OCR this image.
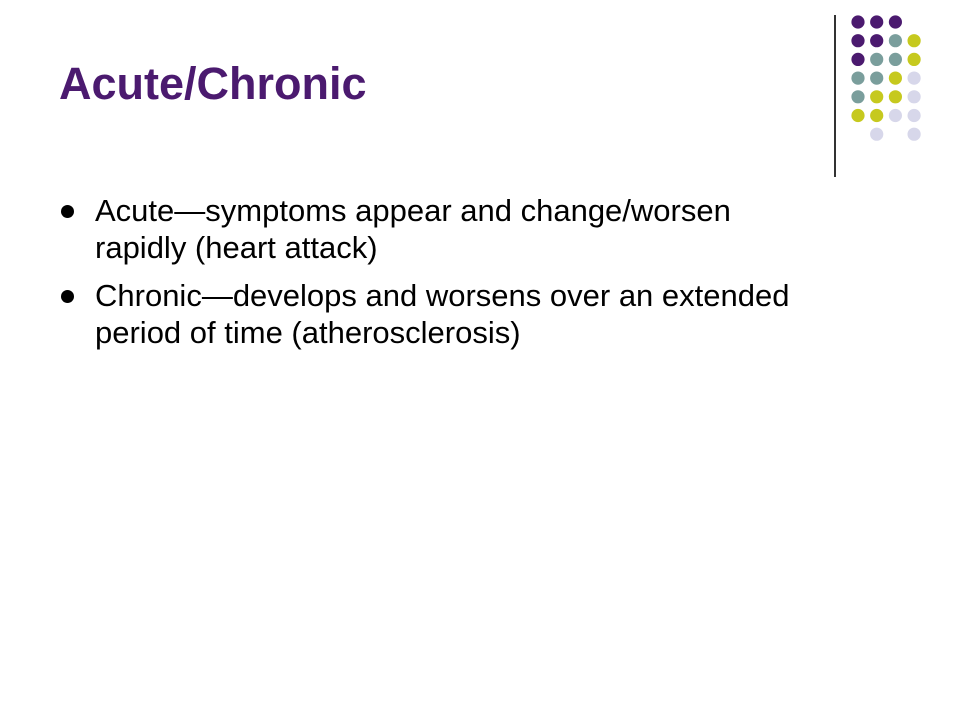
Acute/Chronic
Acute—symptoms appear and change/worsen rapidly (heart attack)
Chronic—develops and worsens over an extended period of time (atherosclerosis)
